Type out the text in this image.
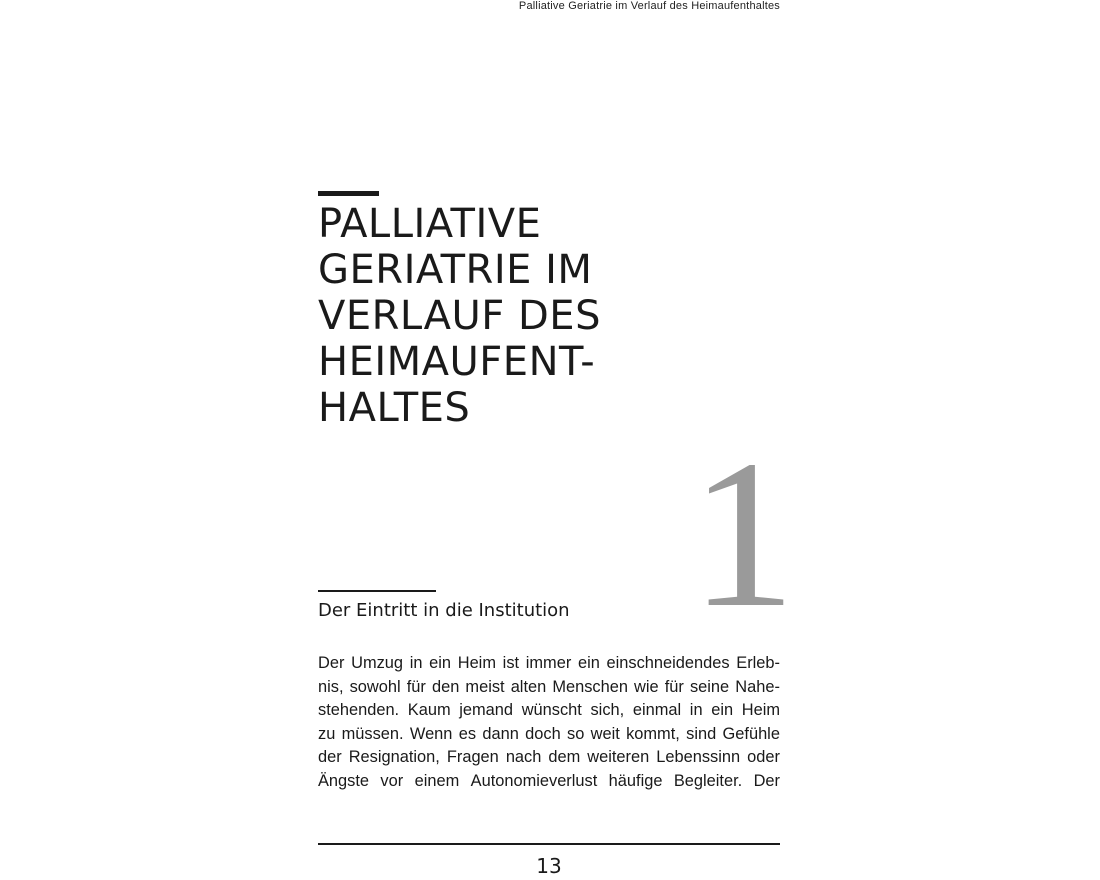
Palliative Geriatrie im Verlauf des Heimaufenthaltes
PALLIATIVE
GERIATRIE IM
VERLAUF DES
HEIMAUFENT-
HALTES
1
Der Eintritt in die Institution
Der Umzug in ein Heim ist immer ein einschneidendes Erleb-
nis, sowohl für den meist alten Menschen wie für seine Nahe-
stehenden. Kaum jemand wünscht sich, einmal in ein Heim
zu müssen. Wenn es dann doch so weit kommt, sind Gefühle
der Resignation, Fragen nach dem weiteren Lebenssinn oder
Ängste vor einem Autonomieverlust häufige Begleiter. Der
13
